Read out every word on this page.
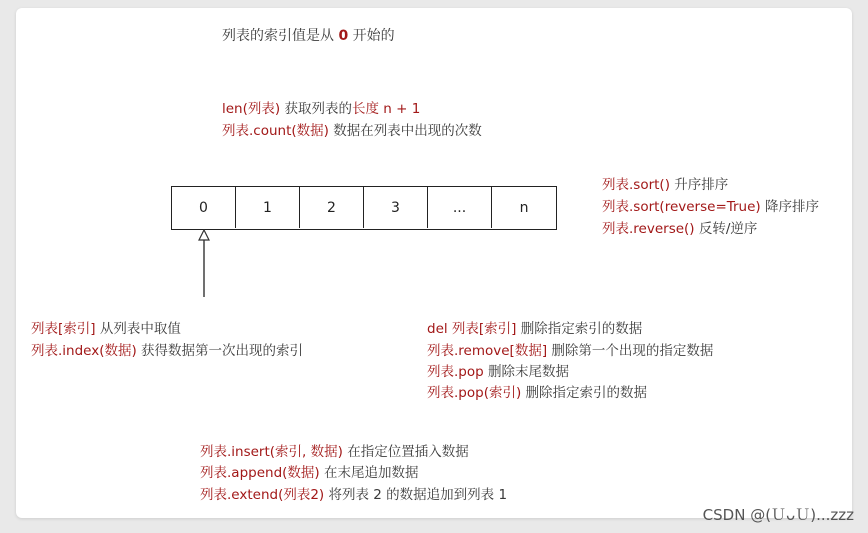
列表的索引值是从 0 开始的
len(列表) 获取列表的长度 n + 1
列表.count(数据) 数据在列表中出现的次数
0	1	2	3	...	n
列表.sort() 升序排序
列表.sort(reverse=True) 降序排序
列表.reverse() 反转/逆序
列表[索引] 从列表中取值
列表.index(数据) 获得数据第一次出现的索引
del 列表[索引] 删除指定索引的数据
列表.remove[数据] 删除第一个出现的指定数据
列表.pop 删除末尾数据
列表.pop(索引) 删除指定索引的数据
列表.insert(索引, 数据) 在指定位置插入数据
列表.append(数据) 在末尾追加数据
列表.extend(列表2) 将列表 2 的数据追加到列表 1
CSDN @(ＵᴗＵ)...zzz
